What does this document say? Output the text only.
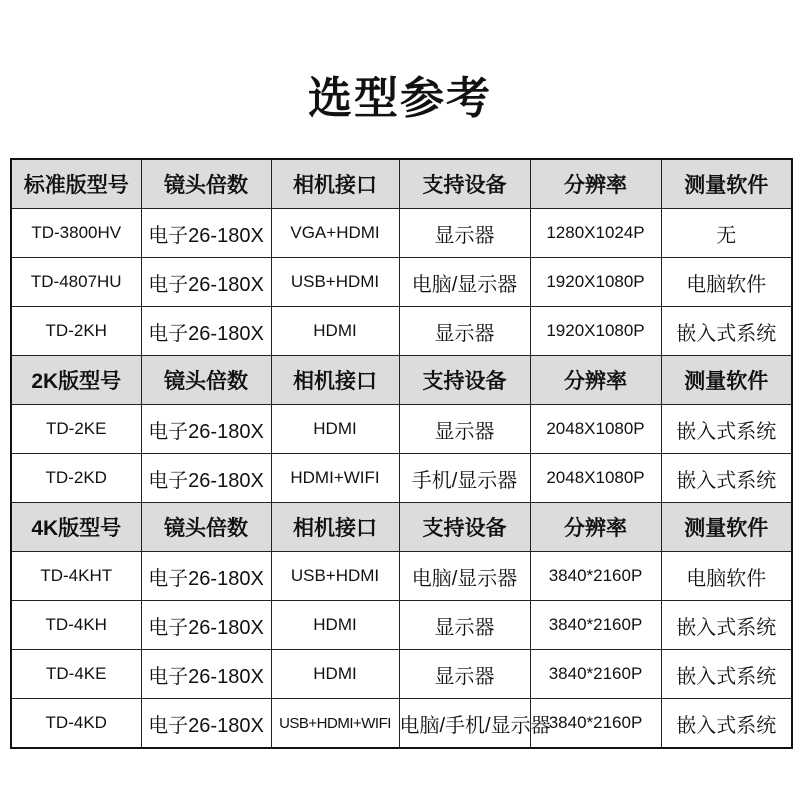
选型参考
标准版型号	镜头倍数	相机接口	支持设备	分辨率	测量软件
TD-3800HV	电子26-180X	VGA+HDMI	显示器	1280X1024P	无
TD-4807HU	电子26-180X	USB+HDMI	电脑/显示器	1920X1080P	电脑软件
TD-2KH	电子26-180X	HDMI	显示器	1920X1080P	嵌入式系统
2K版型号	镜头倍数	相机接口	支持设备	分辨率	测量软件
TD-2KE	电子26-180X	HDMI	显示器	2048X1080P	嵌入式系统
TD-2KD	电子26-180X	HDMI+WIFI	手机/显示器	2048X1080P	嵌入式系统
4K版型号	镜头倍数	相机接口	支持设备	分辨率	测量软件
TD-4KHT	电子26-180X	USB+HDMI	电脑/显示器	3840*2160P	电脑软件
TD-4KH	电子26-180X	HDMI	显示器	3840*2160P	嵌入式系统
TD-4KE	电子26-180X	HDMI	显示器	3840*2160P	嵌入式系统
TD-4KD	电子26-180X	USB+HDMI+WIFI	电脑/手机/显示器	3840*2160P	嵌入式系统
